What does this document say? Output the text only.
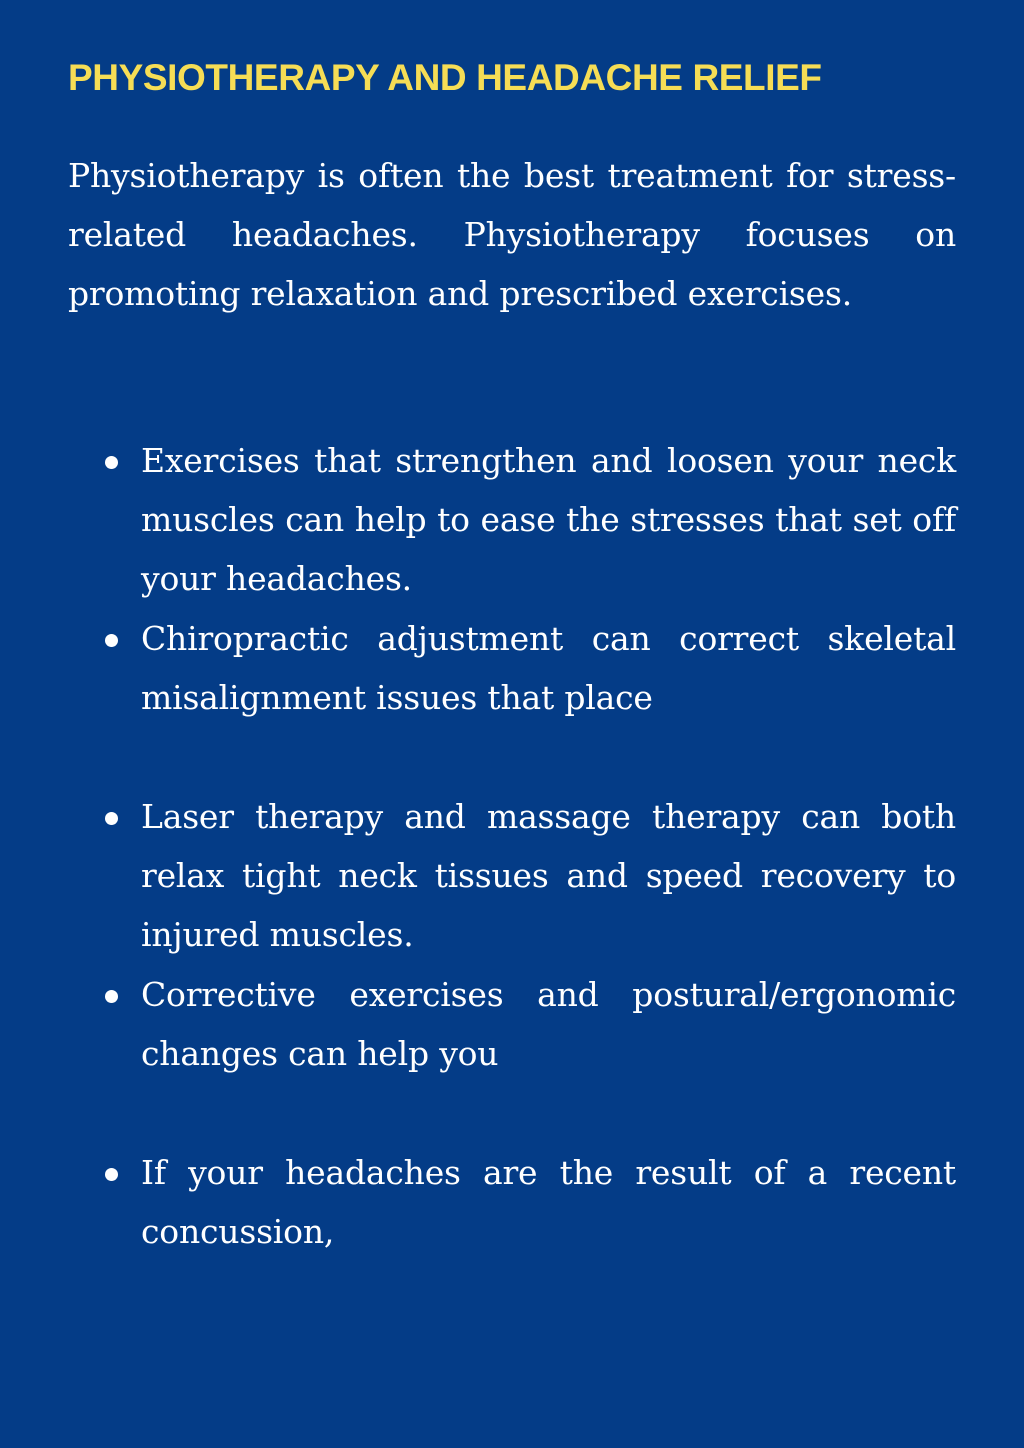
PHYSIOTHERAPY AND HEADACHE RELIEF

Physiotherapy is often the best treatment for stress-related headaches. Physiotherapy focuses on promoting relaxation and prescribed exercises.

Exercises that strengthen and loosen your neck muscles can help to ease the stresses that set off your headaches.
Chiropractic adjustment can correct skeletal misalignment issues that place
Laser therapy and massage therapy can both relax tight neck tissues and speed recovery to injured muscles.
Corrective exercises and postural/ergonomic changes can help you
If your headaches are the result of a recent concussion,
